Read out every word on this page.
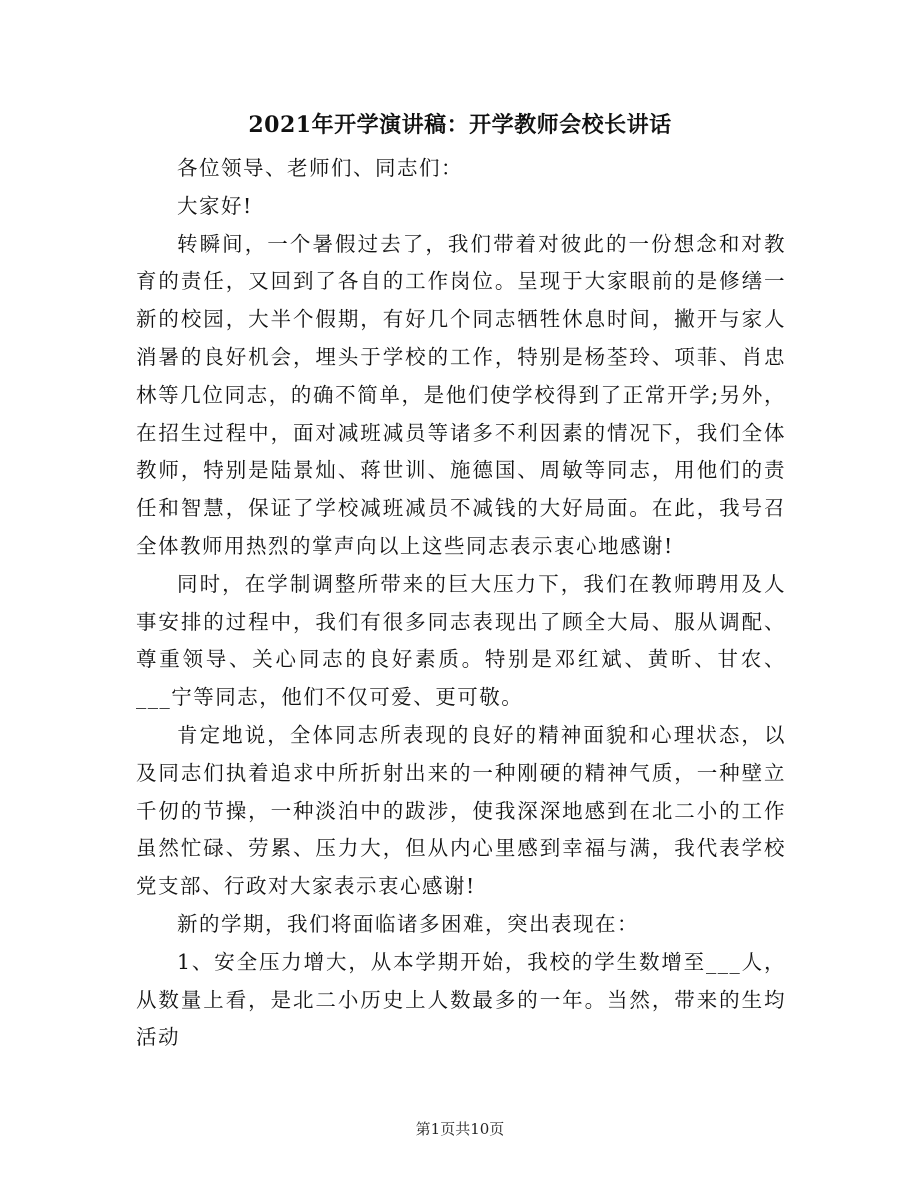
2021年开学演讲稿：开学教师会校长讲话

各位领导、老师们、同志们：

大家好!

转瞬间，一个暑假过去了，我们带着对彼此的一份想念和对教育的责任，又回到了各自的工作岗位。呈现于大家眼前的是修缮一新的校园，大半个假期，有好几个同志牺牲休息时间，撇开与家人消暑的良好机会，埋头于学校的工作，特别是杨荃玲、项菲、肖忠林等几位同志，的确不简单，是他们使学校得到了正常开学;另外，在招生过程中，面对减班减员等诸多不利因素的情况下，我们全体教师，特别是陆景灿、蒋世训、施德国、周敏等同志，用他们的责任和智慧，保证了学校减班减员不减钱的大好局面。在此，我号召全体教师用热烈的掌声向以上这些同志表示衷心地感谢!

同时，在学制调整所带来的巨大压力下，我们在教师聘用及人事安排的过程中，我们有很多同志表现出了顾全大局、服从调配、尊重领导、关心同志的良好素质。特别是邓红斌、黄昕、甘农、___宁等同志，他们不仅可爱、更可敬。

肯定地说，全体同志所表现的良好的精神面貌和心理状态，以及同志们执着追求中所折射出来的一种刚硬的精神气质，一种壁立千仞的节操，一种淡泊中的跋涉，使我深深地感到在北二小的工作虽然忙碌、劳累、压力大，但从内心里感到幸福与满，我代表学校党支部、行政对大家表示衷心感谢!

新的学期，我们将面临诸多困难，突出表现在：

1、安全压力增大，从本学期开始，我校的学生数增至___人，从数量上看，是北二小历史上人数最多的一年。当然，带来的生均活动

第1页共10页
